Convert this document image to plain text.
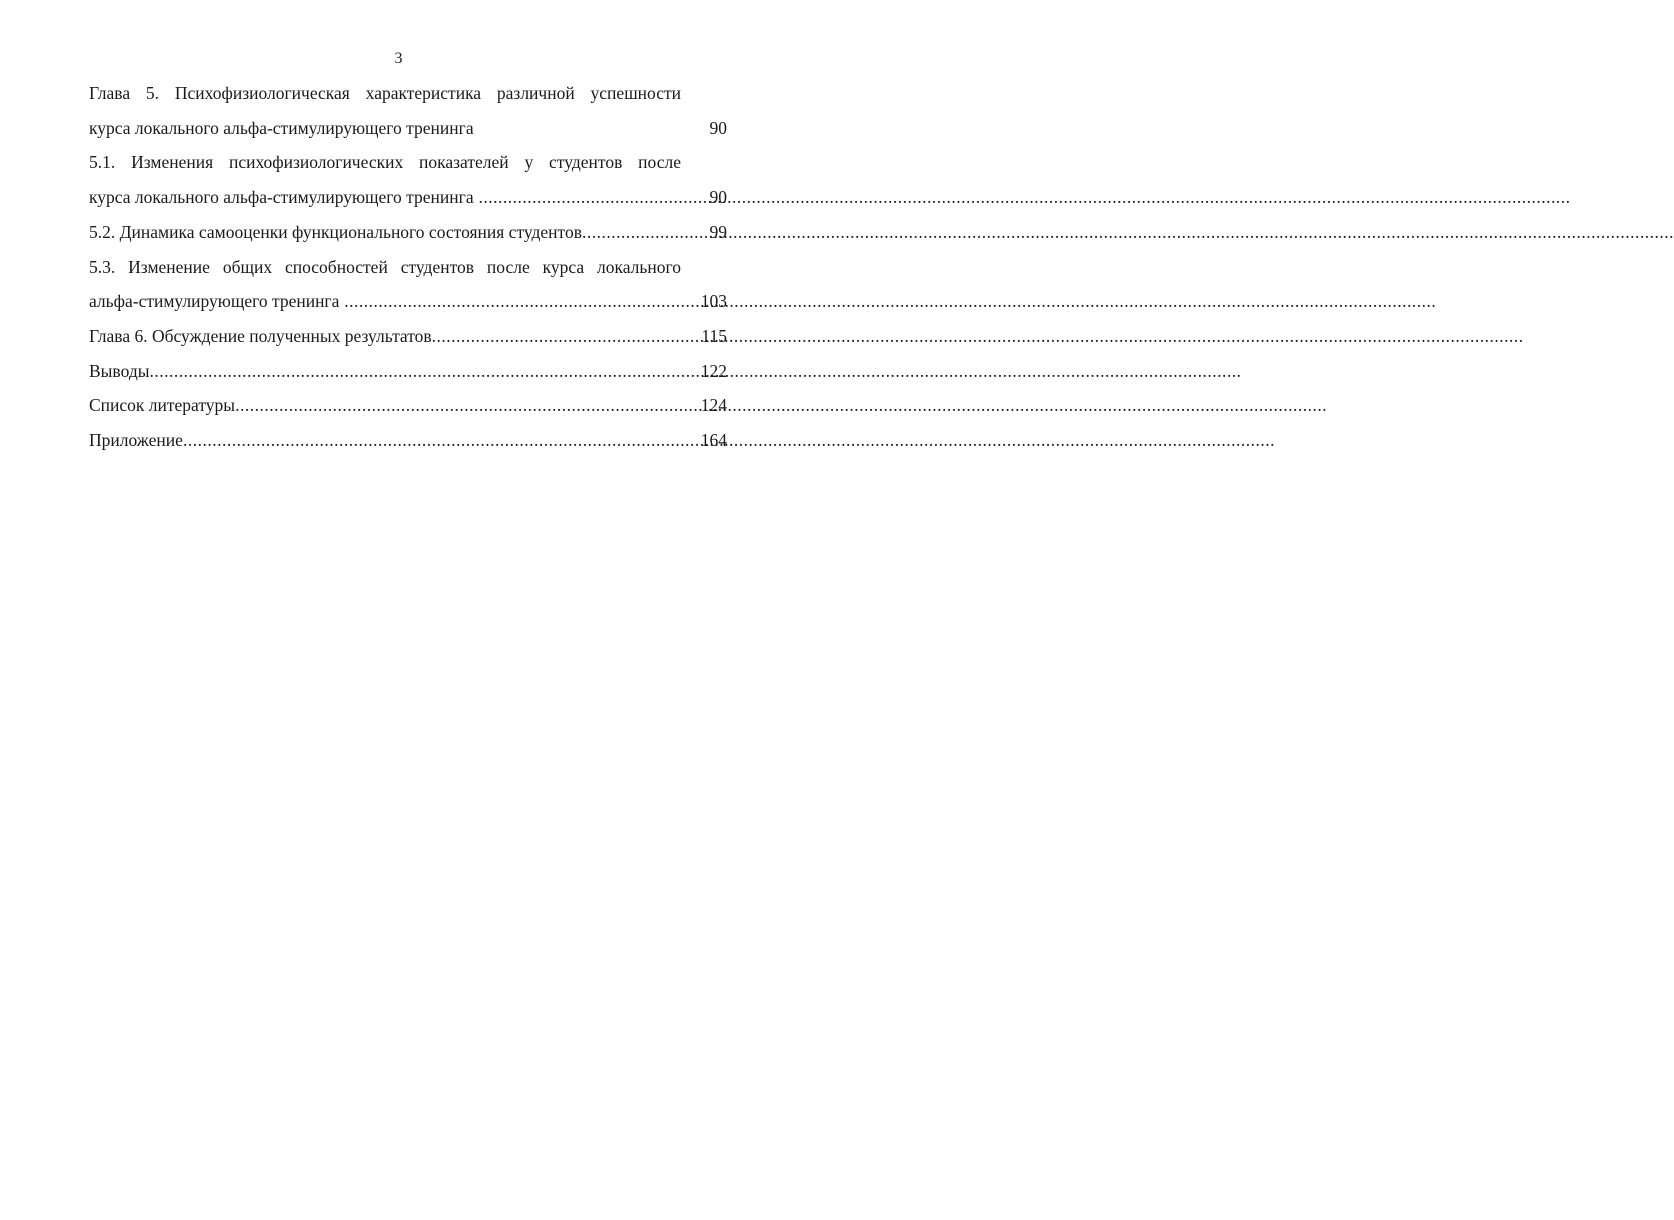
3
Глава 5. Психофизиологическая характеристика различной успешности
курса локального альфа-стимулирующего тренинга	90
5.1. Изменения психофизиологических показателей у студентов после
курса локального альфа-стимулирующего тренинга .....	90
5.2. Динамика самооценки функционального состояния студентов .....	99
5.3. Изменение общих способностей студентов после курса локального
альфа-стимулирующего тренинга .....	103
Глава 6. Обсуждение полученных результатов .....	115
Выводы .....	122
Список литературы .....	124
Приложение .....	164
